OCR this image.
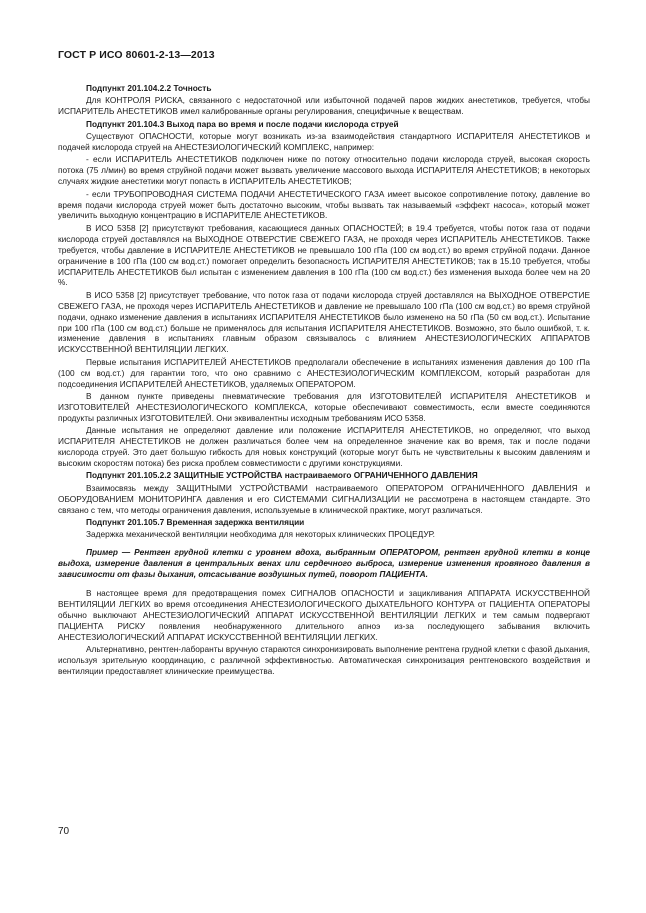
ГОСТ Р ИСО 80601-2-13—2013

Подпункт 201.104.2.2 Точность

Для КОНТРОЛЯ РИСКА, связанного с недостаточной или избыточной подачей паров жидких анестетиков, требуется, чтобы ИСПАРИТЕЛЬ АНЕСТЕТИКОВ имел калиброванные органы регулирования, специфичные к веществам.

Подпункт 201.104.3 Выход пара во время и после подачи кислорода струей

Существуют ОПАСНОСТИ, которые могут возникать из-за взаимодействия стандартного ИСПАРИТЕЛЯ АНЕСТЕТИКОВ и подачей кислорода струей на АНЕСТЕЗИОЛОГИЧЕСКИЙ КОМПЛЕКС, например:

- если ИСПАРИТЕЛЬ АНЕСТЕТИКОВ подключен ниже по потоку относительно подачи кислорода струей, высокая скорость потока (75 л/мин) во время струйной подачи может вызвать увеличение массового выхода ИСПАРИТЕЛЯ АНЕСТЕТИКОВ; в некоторых случаях жидкие анестетики могут попасть в ИСПАРИТЕЛЬ АНЕСТЕТИКОВ;

- если ТРУБОПРОВОДНАЯ СИСТЕМА ПОДАЧИ АНЕСТЕТИЧЕСКОГО ГАЗА имеет высокое сопротивление потоку, давление во время подачи кислорода струей может быть достаточно высоким, чтобы вызвать так называемый «эффект насоса», который может увеличить выходную концентрацию в ИСПАРИТЕЛЕ АНЕСТЕТИКОВ.

В ИСО 5358 [2] присутствуют требования, касающиеся данных ОПАСНОСТЕЙ; в 19.4 требуется, чтобы поток газа от подачи кислорода струей доставлялся на ВЫХОДНОЕ ОТВЕРСТИЕ СВЕЖЕГО ГАЗА, не проходя через ИСПАРИТЕЛЬ АНЕСТЕТИКОВ. Также требуется, чтобы давление в ИСПАРИТЕЛЕ АНЕСТЕТИКОВ не превышало 100 гПа (100 см вод.ст.) во время струйной подачи. Данное ограничение в 100 гПа (100 см вод.ст.) помогает определить безопасность ИСПАРИТЕЛЯ АНЕСТЕТИКОВ; так в 15.10 требуется, чтобы ИСПАРИТЕЛЬ АНЕСТЕТИКОВ был испытан с изменением давления в 100 гПа (100 см вод.ст.) без изменения выхода более чем на 20 %.

В ИСО 5358 [2] присутствует требование, что поток газа от подачи кислорода струей доставлялся на ВЫХОДНОЕ ОТВЕРСТИЕ СВЕЖЕГО ГАЗА, не проходя через ИСПАРИТЕЛЬ АНЕСТЕТИКОВ и давление не превышало 100 гПа (100 см вод.ст.) во время струйной подачи, однако изменение давления в испытаниях ИСПАРИТЕЛЯ АНЕСТЕТИКОВ было изменено на 50 гПа (50 см вод.ст.). Испытание при 100 гПа (100 см вод.ст.) больше не применялось для испытания ИСПАРИТЕЛЯ АНЕСТЕТИКОВ. Возможно, это было ошибкой, т. к. изменение давления в испытаниях главным образом связывалось с влиянием АНЕСТЕЗИОЛОГИЧЕСКИХ АППАРАТОВ ИСКУССТВЕННОЙ ВЕНТИЛЯЦИИ ЛЕГКИХ.

Первые испытания ИСПАРИТЕЛЕЙ АНЕСТЕТИКОВ предполагали обеспечение в испытаниях изменения давления до 100 гПа (100 см вод.ст.) для гарантии того, что оно сравнимо с АНЕСТЕЗИОЛОГИЧЕСКИМ КОМПЛЕКСОМ, который разработан для подсоединения ИСПАРИТЕЛЕЙ АНЕСТЕТИКОВ, удаляемых ОПЕРАТОРОМ.

В данном пункте приведены пневматические требования для ИЗГОТОВИТЕЛЕЙ ИСПАРИТЕЛЯ АНЕСТЕТИКОВ и ИЗГОТОВИТЕЛЕЙ АНЕСТЕЗИОЛОГИЧЕСКОГО КОМПЛЕКСА, которые обеспечивают совместимость, если вместе соединяются продукты различных ИЗГОТОВИТЕЛЕЙ. Они эквивалентны исходным требованиям ИСО 5358.

Данные испытания не определяют давление или положение ИСПАРИТЕЛЯ АНЕСТЕТИКОВ, но определяют, что выход ИСПАРИТЕЛЯ АНЕСТЕТИКОВ не должен различаться более чем на определенное значение как во время, так и после подачи кислорода струей. Это дает большую гибкость для новых конструкций (которые могут быть не чувствительны к высоким давлениям и высоким скоростям потока) без риска проблем совместимости с другими конструкциями.

Подпункт 201.105.2.2 ЗАЩИТНЫЕ УСТРОЙСТВА настраиваемого ОГРАНИЧЕННОГО ДАВЛЕНИЯ

Взаимосвязь между ЗАЩИТНЫМИ УСТРОЙСТВАМИ настраиваемого ОПЕРАТОРОМ ОГРАНИЧЕННОГО ДАВЛЕНИЯ и ОБОРУДОВАНИЕМ МОНИТОРИНГА давления и его СИСТЕМАМИ СИГНАЛИЗАЦИИ не рассмотрена в настоящем стандарте. Это связано с тем, что методы ограничения давления, используемые в клинической практике, могут различаться.

Подпункт 201.105.7 Временная задержка вентиляции

Задержка механической вентиляции необходима для некоторых клинических ПРОЦЕДУР.

Пример — Рентген грудной клетки с уровнем вдоха, выбранным ОПЕРАТОРОМ, рентген грудной клетки в конце выдоха, измерение давления в центральных венах или сердечного выброса, измерение изменения кровяного давления в зависимости от фазы дыхания, отсасывание воздушных путей, поворот ПАЦИЕНТА.

В настоящее время для предотвращения помех СИГНАЛОВ ОПАСНОСТИ и зацикливания АППАРАТА ИСКУССТВЕННОЙ ВЕНТИЛЯЦИИ ЛЕГКИХ во время отсоединения АНЕСТЕЗИОЛОГИЧЕСКОГО ДЫХАТЕЛЬНОГО КОНТУРА от ПАЦИЕНТА ОПЕРАТОРЫ обычно выключают АНЕСТЕЗИОЛОГИЧЕСКИЙ АППАРАТ ИСКУССТВЕННОЙ ВЕНТИЛЯЦИИ ЛЕГКИХ и тем самым подвергают ПАЦИЕНТА РИСКУ появления необнаруженного длительного апноэ из-за последующего забывания включить АНЕСТЕЗИОЛОГИЧЕСКИЙ АППАРАТ ИСКУССТВЕННОЙ ВЕНТИЛЯЦИИ ЛЕГКИХ.

Альтернативно, рентген-лаборанты вручную стараются синхронизировать выполнение рентгена грудной клетки с фазой дыхания, используя зрительную координацию, с различной эффективностью. Автоматическая синхронизация рентгеновского воздействия и вентиляции предоставляет клинические преимущества.

70
